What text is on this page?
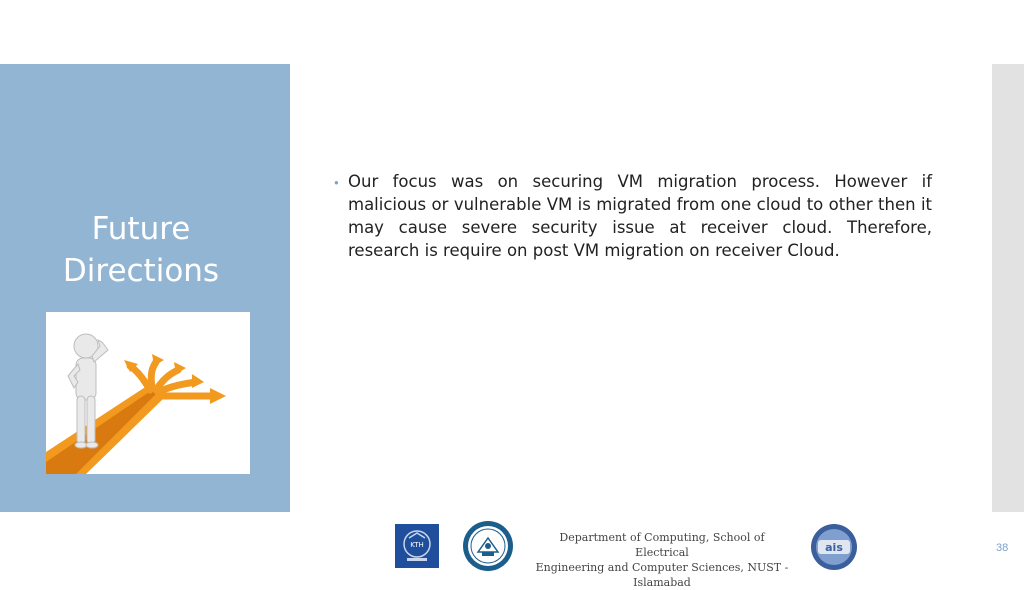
Future
Directions
● Our focus was on securing VM migration process. However if malicious or vulnerable VM is migrated from one cloud to other then it may cause severe security issue at receiver cloud. Therefore, research is require on post VM migration on receiver Cloud.

KTH
Department of Computing, School of Electrical
Engineering and Computer Sciences, NUST -
Islamabad
ais	38
